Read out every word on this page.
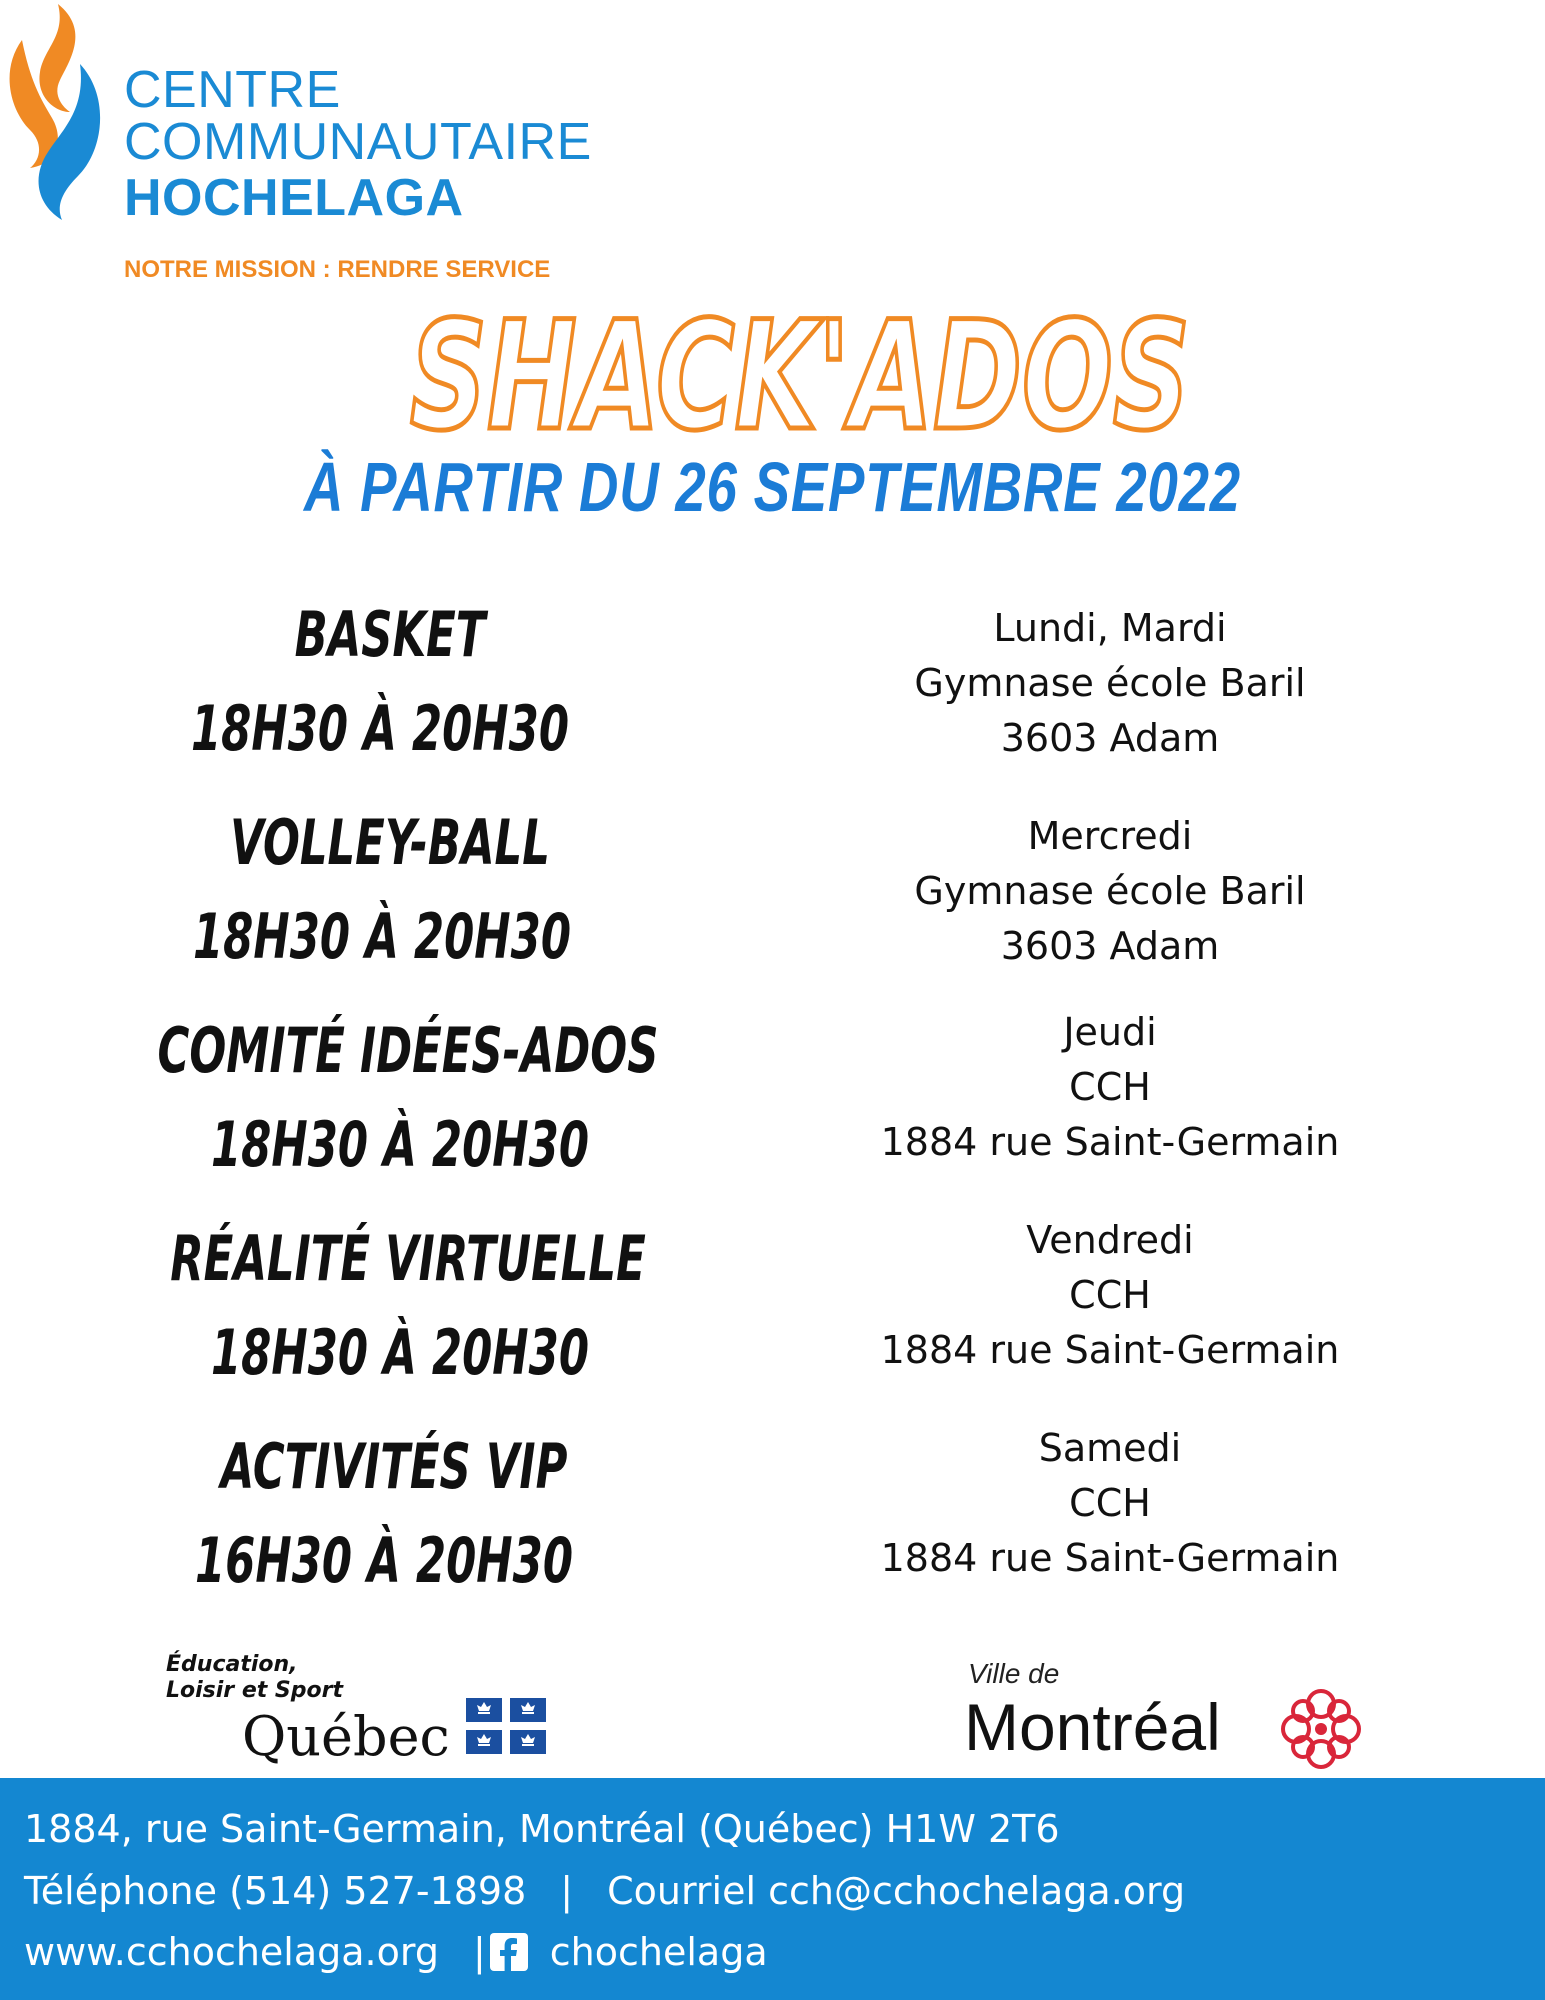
CENTRE
COMMUNAUTAIRE
HOCHELAGA
NOTRE MISSION : RENDRE SERVICE
SHACK'ADOS
À PARTIR DU 26 SEPTEMBRE 2022
BASKET
18H30 À 20H30
Lundi, Mardi
Gymnase école Baril
3603 Adam
VOLLEY-BALL
18H30 À 20H30
Mercredi
Gymnase école Baril
3603 Adam
COMITÉ IDÉES-ADOS
18H30 À 20H30
Jeudi
CCH
1884 rue Saint-Germain
RÉALITÉ VIRTUELLE
18H30 À 20H30
Vendredi
CCH
1884 rue Saint-Germain
ACTIVITÉS VIP
16H30 À 20H30
Samedi
CCH
1884 rue Saint-Germain
Éducation,
Loisir et Sport
Québec
Ville de
Montréal
1884, rue Saint-Germain, Montréal (Québec) H1W 2T6
Téléphone (514) 527-1898 | Courriel cch@cchochelaga.org
www.cchochelaga.org | chochelaga
